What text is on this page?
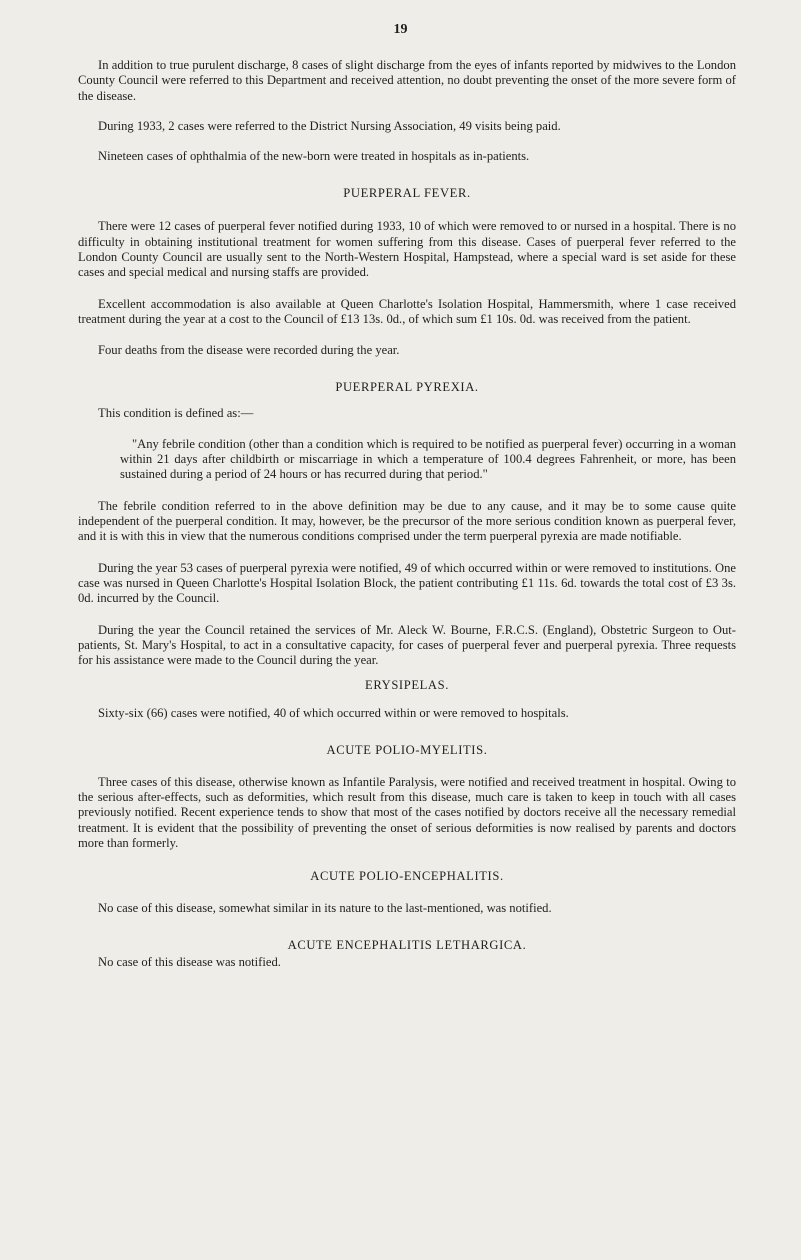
19

In addition to true purulent discharge, 8 cases of slight discharge from the eyes of infants reported by midwives to the London County Council were referred to this Department and received attention, no doubt preventing the onset of the more severe form of the disease.

During 1933, 2 cases were referred to the District Nursing Association, 49 visits being paid.

Nineteen cases of ophthalmia of the new-born were treated in hospitals as in-patients.

PUERPERAL FEVER.

There were 12 cases of puerperal fever notified during 1933, 10 of which were removed to or nursed in a hospital. There is no difficulty in obtaining institutional treatment for women suffering from this disease. Cases of puerperal fever referred to the London County Council are usually sent to the North-Western Hospital, Hampstead, where a special ward is set aside for these cases and special medical and nursing staffs are provided.

Excellent accommodation is also available at Queen Charlotte's Isolation Hospital, Hammersmith, where 1 case received treatment during the year at a cost to the Council of £13 13s. 0d., of which sum £1 10s. 0d. was received from the patient.

Four deaths from the disease were recorded during the year.

PUERPERAL PYREXIA.

This condition is defined as:—

"Any febrile condition (other than a condition which is required to be notified as puerperal fever) occurring in a woman within 21 days after childbirth or miscarriage in which a temperature of 100.4 degrees Fahrenheit, or more, has been sustained during a period of 24 hours or has recurred during that period."

The febrile condition referred to in the above definition may be due to any cause, and it may be to some cause quite independent of the puerperal condition. It may, however, be the precursor of the more serious condition known as puerperal fever, and it is with this in view that the numerous conditions comprised under the term puerperal pyrexia are made notifiable.

During the year 53 cases of puerperal pyrexia were notified, 49 of which occurred within or were removed to institutions. One case was nursed in Queen Charlotte's Hospital Isolation Block, the patient contributing £1 11s. 6d. towards the total cost of £3 3s. 0d. incurred by the Council.

During the year the Council retained the services of Mr. Aleck W. Bourne, F.R.C.S. (England), Obstetric Surgeon to Out-patients, St. Mary's Hospital, to act in a consultative capacity, for cases of puerperal fever and puerperal pyrexia. Three requests for his assistance were made to the Council during the year.

ERYSIPELAS.

Sixty-six (66) cases were notified, 40 of which occurred within or were removed to hospitals.

ACUTE POLIO-MYELITIS.

Three cases of this disease, otherwise known as Infantile Paralysis, were notified and received treatment in hospital. Owing to the serious after-effects, such as deformities, which result from this disease, much care is taken to keep in touch with all cases previously notified. Recent experience tends to show that most of the cases notified by doctors receive all the necessary remedial treatment. It is evident that the possibility of preventing the onset of serious deformities is now realised by parents and doctors more than formerly.

ACUTE POLIO-ENCEPHALITIS.

No case of this disease, somewhat similar in its nature to the last-mentioned, was notified.

ACUTE ENCEPHALITIS LETHARGICA.

No case of this disease was notified.
